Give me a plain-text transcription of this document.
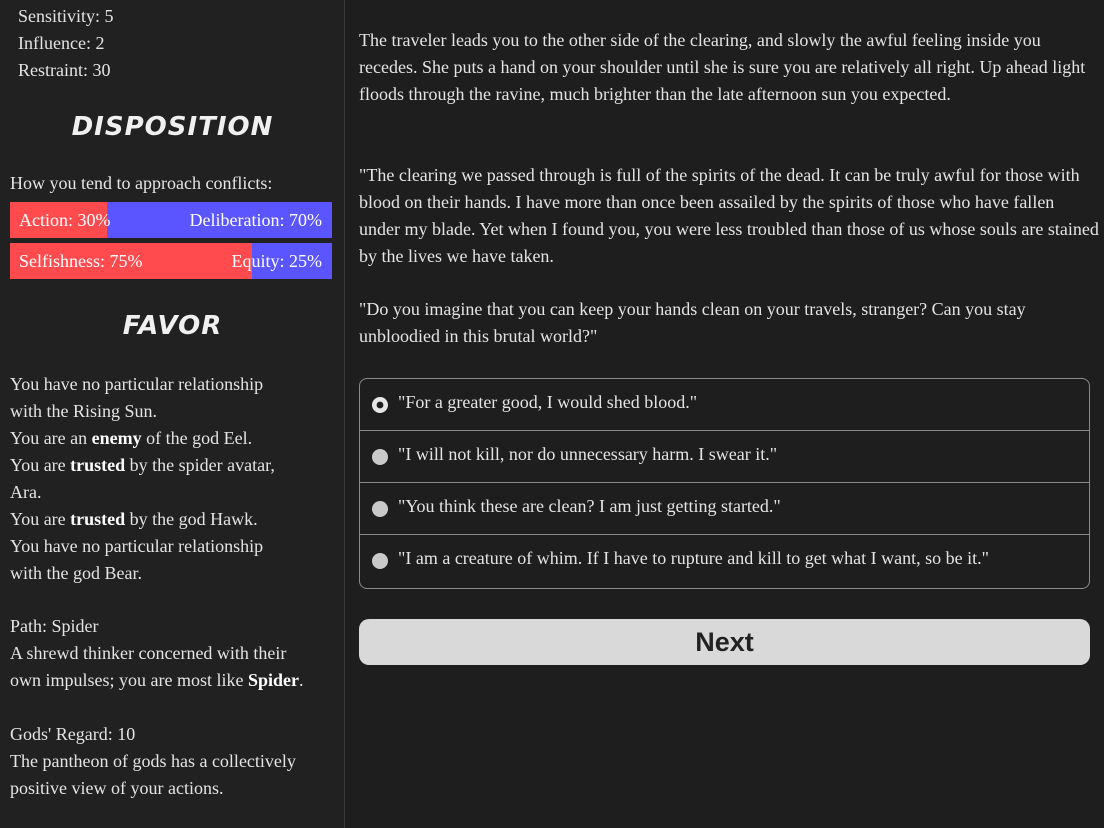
Sensitivity: 5
Influence: 2
Restraint: 30
DISPOSITION
How you tend to approach conflicts:
Action: 30%	Deliberation: 70%
Selfishness: 75%	Equity: 25%
FAVOR
You have no particular relationship
with the Rising Sun.
You are an enemy of the god Eel.
You are trusted by the spider avatar,
Ara.
You are trusted by the god Hawk.
You have no particular relationship
with the god Bear.
Path: Spider
A shrewd thinker concerned with their
own impulses; you are most like Spider.
Gods' Regard: 10
The pantheon of gods has a collectively
positive view of your actions.
The traveler leads you to the other side of the clearing, and slowly the awful feeling inside you recedes. She puts a hand on your shoulder until she is sure you are relatively all right. Up ahead light floods through the ravine, much brighter than the late afternoon sun you expected.
"The clearing we passed through is full of the spirits of the dead. It can be truly awful for those with blood on their hands. I have more than once been assailed by the spirits of those who have fallen under my blade. Yet when I found you, you were less troubled than those of us whose souls are stained by the lives we have taken.
"Do you imagine that you can keep your hands clean on your travels, stranger? Can you stay unbloodied in this brutal world?"
"For a greater good, I would shed blood."
"I will not kill, nor do unnecessary harm. I swear it."
"You think these are clean? I am just getting started."
"I am a creature of whim. If I have to rupture and kill to get what I want, so be it."
Next
